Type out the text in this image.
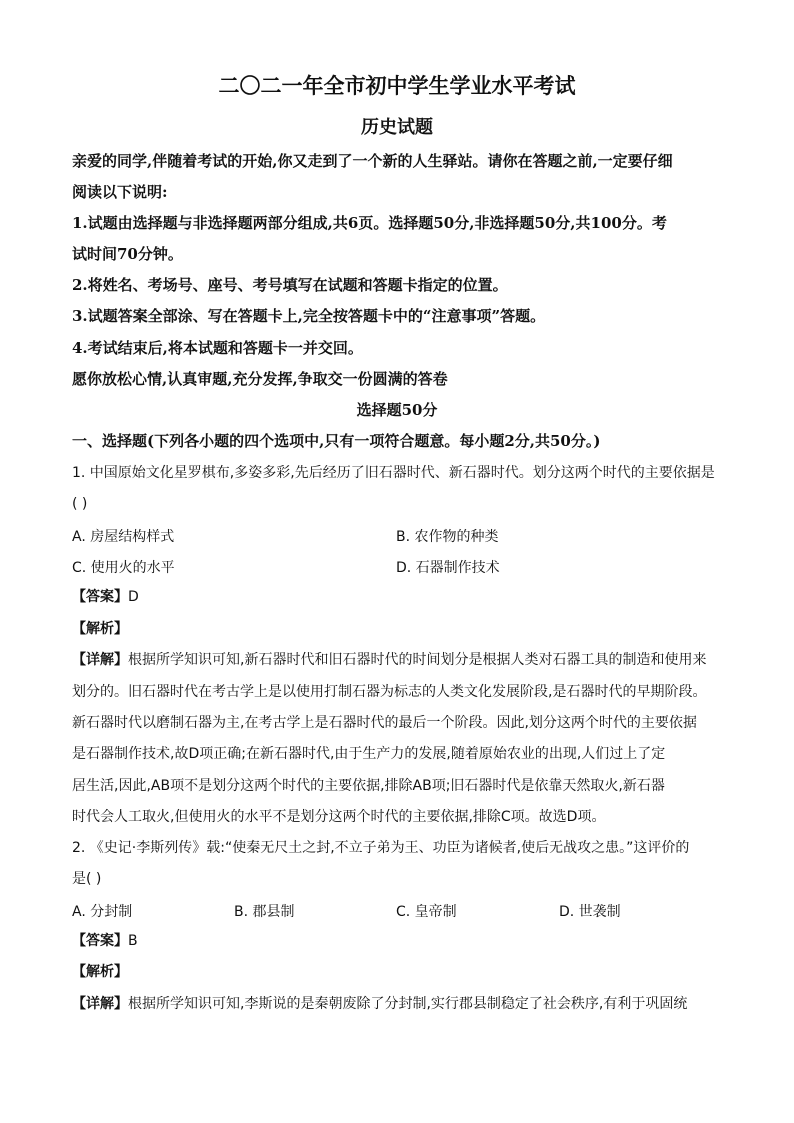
二〇二一年全市初中学生学业水平考试
历史试题
亲爱的同学,伴随着考试的开始,你又走到了一个新的人生驿站。请你在答题之前,一定要仔细
阅读以下说明:
1.试题由选择题与非选择题两部分组成,共6页。选择题50分,非选择题50分,共100分。考
试时间70分钟。
2.将姓名、考场号、座号、考号填写在试题和答题卡指定的位置。
3.试题答案全部涂、写在答题卡上,完全按答题卡中的“注意事项”答题。
4.考试结束后,将本试题和答题卡一并交回。
愿你放松心情,认真审题,充分发挥,争取交一份圆满的答卷
选择题50分
一、选择题(下列各小题的四个选项中,只有一项符合题意。每小题2分,共50分。)
1. 中国原始文化星罗棋布,多姿多彩,先后经历了旧石器时代、新石器时代。划分这两个时代的主要依据是
( )
A. 房屋结构样式	B. 农作物的种类
C. 使用火的水平	D. 石器制作技术
【答案】D
【解析】
【详解】根据所学知识可知,新石器时代和旧石器时代的时间划分是根据人类对石器工具的制造和使用来
划分的。旧石器时代在考古学上是以使用打制石器为标志的人类文化发展阶段,是石器时代的早期阶段。
新石器时代以磨制石器为主,在考古学上是石器时代的最后一个阶段。因此,划分这两个时代的主要依据
是石器制作技术,故D项正确;在新石器时代,由于生产力的发展,随着原始农业的出现,人们过上了定
居生活,因此,AB项不是划分这两个时代的主要依据,排除AB项;旧石器时代是依靠天然取火,新石器
时代会人工取火,但使用火的水平不是划分这两个时代的主要依据,排除C项。故选D项。
2. 《史记·李斯列传》载:“使秦无尺土之封,不立子弟为王、功臣为诸候者,使后无战攻之患。”这评价的
是( )
A. 分封制	B. 郡县制	C. 皇帝制	D. 世袭制
【答案】B
【解析】
【详解】根据所学知识可知,李斯说的是秦朝废除了分封制,实行郡县制稳定了社会秩序,有利于巩固统
